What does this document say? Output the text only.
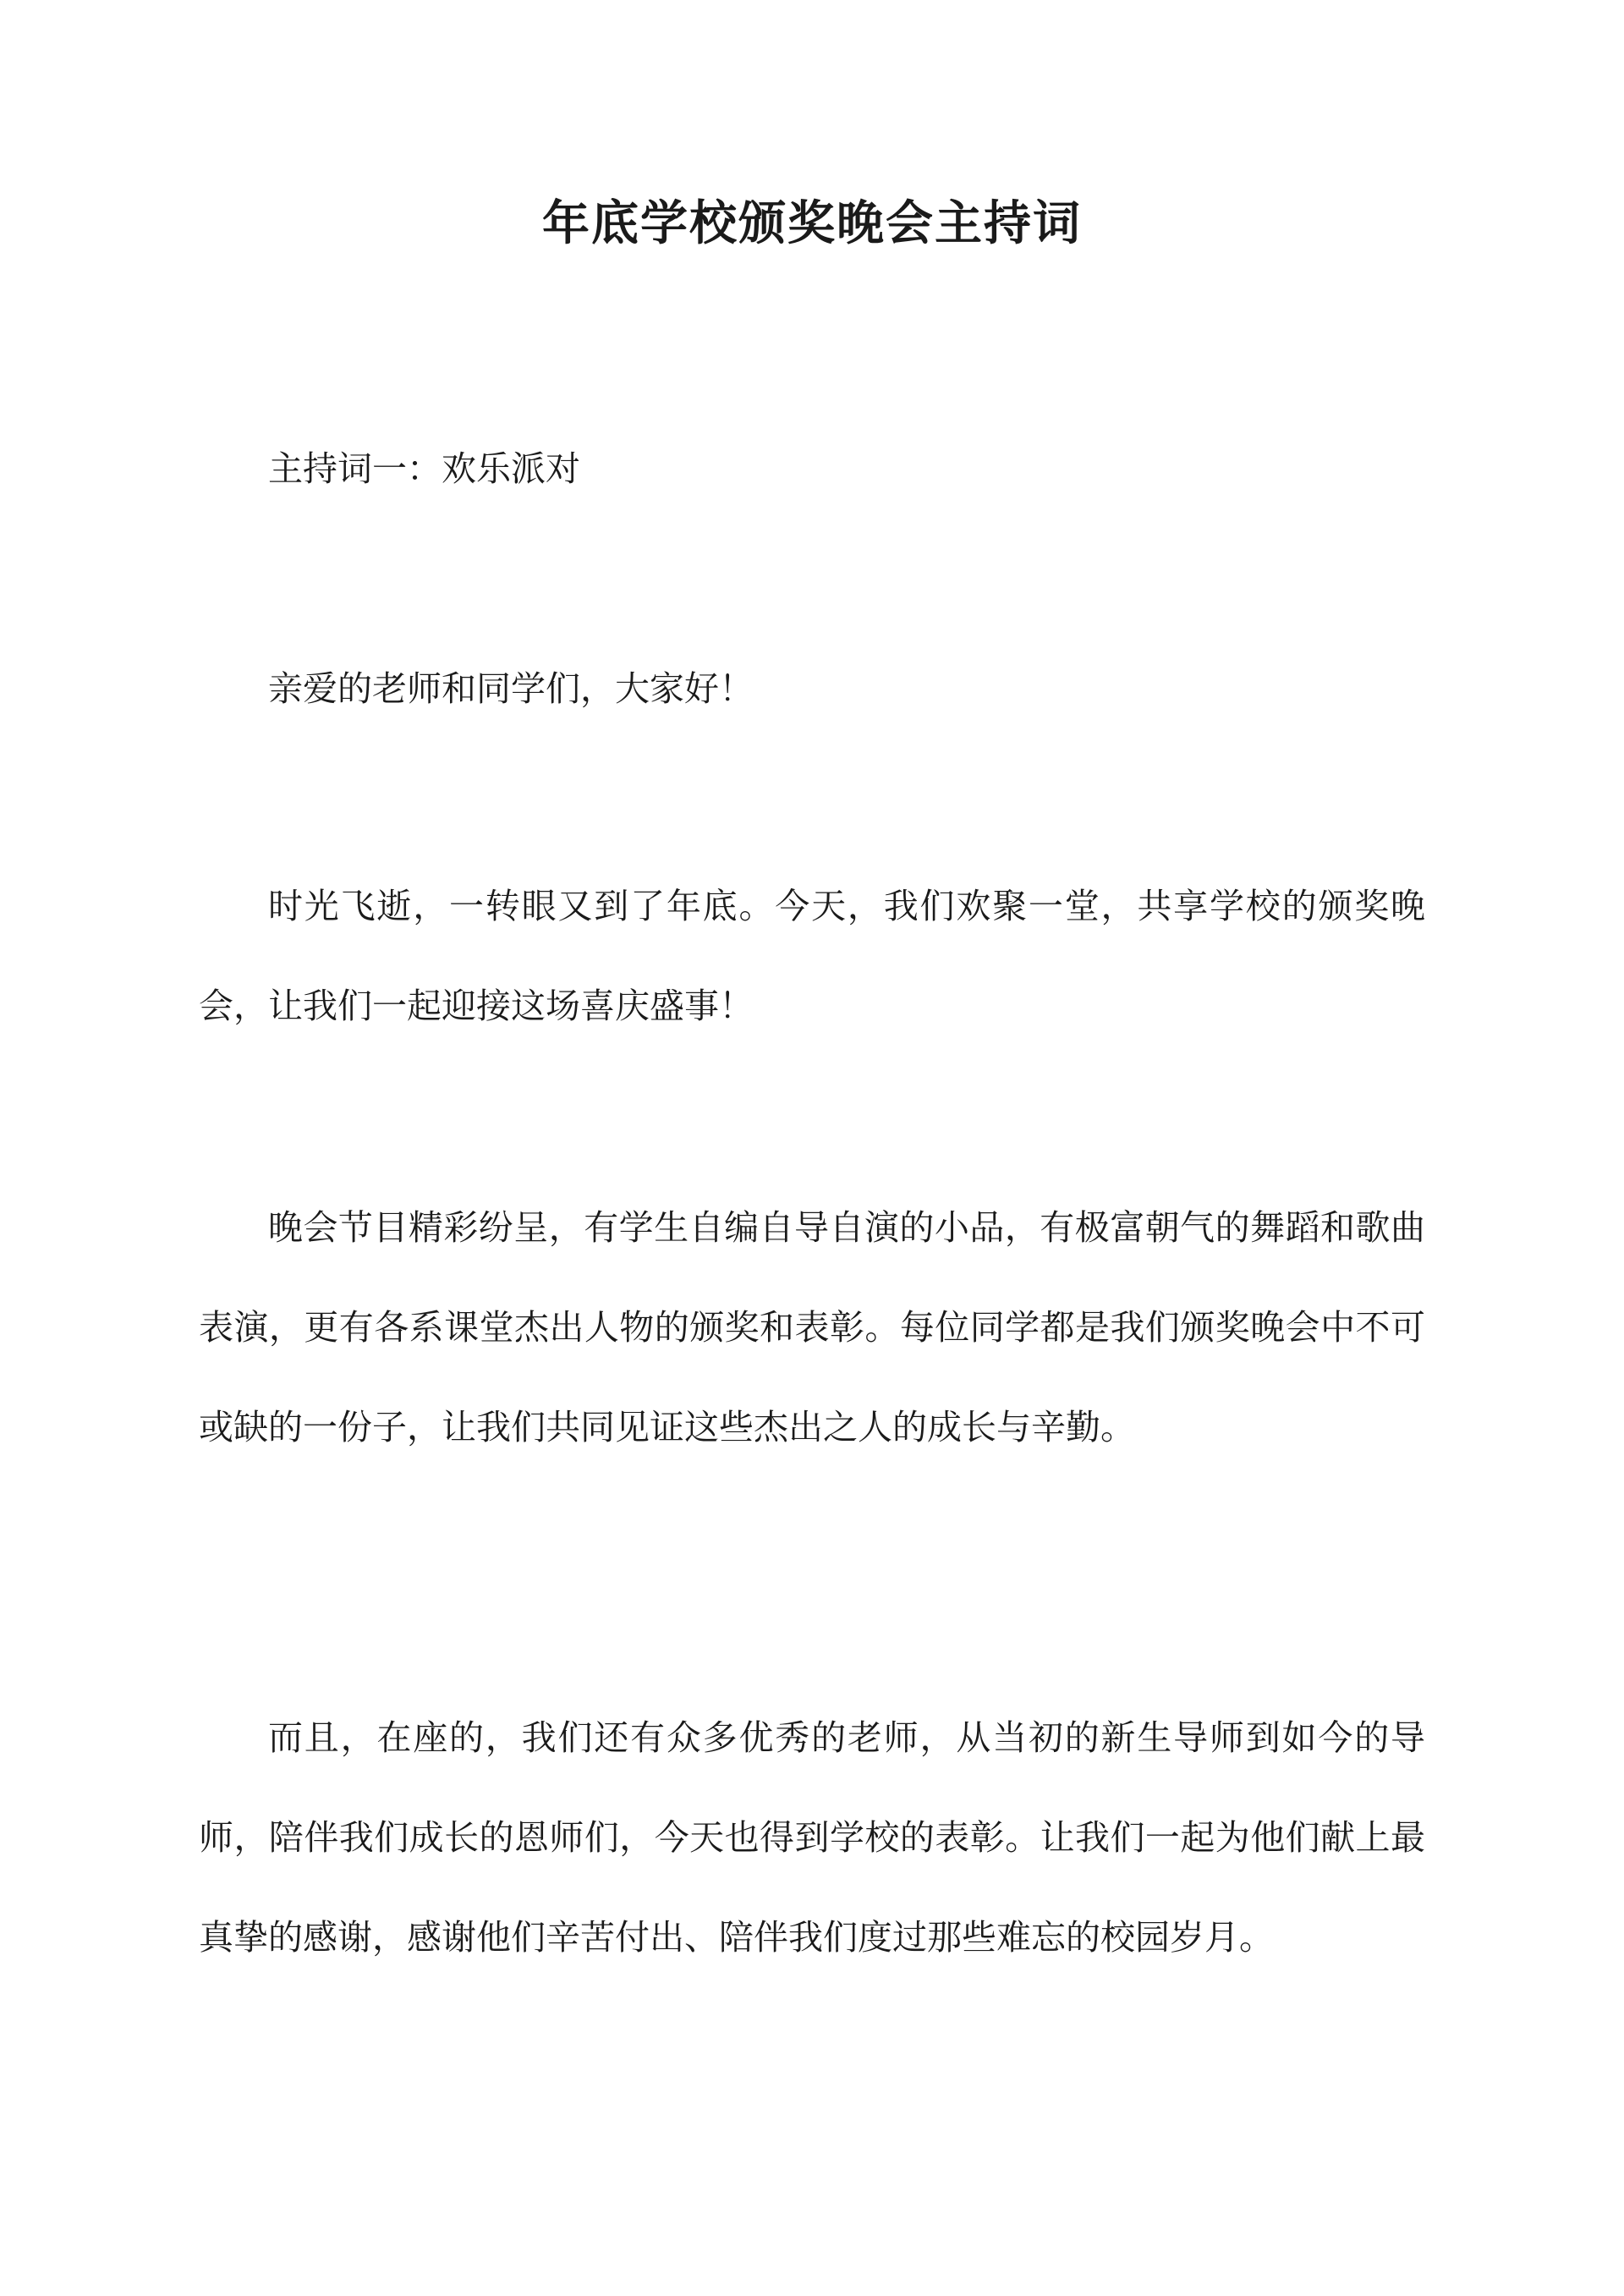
年底学校颁奖晚会主持词

主持词一：欢乐派对

亲爱的老师和同学们，大家好！

时光飞逝，一转眼又到了年底。今天，我们欢聚一堂，共享学校的颁奖晚会，让我们一起迎接这场喜庆盛事！

晚会节目精彩纷呈，有学生自编自导自演的小品，有极富朝气的舞蹈和歌曲表演，更有各系课堂杰出人物的颁奖和表彰。每位同学都是我们颁奖晚会中不可或缺的一份子，让我们共同见证这些杰出之人的成长与辛勤。

而且，在座的，我们还有众多优秀的老师，从当初的新生导师到如今的导师，陪伴我们成长的恩师们，今天也得到学校的表彰。让我们一起为他们献上最真挚的感谢，感谢他们辛苦付出、陪伴我们度过那些难忘的校园岁月。
